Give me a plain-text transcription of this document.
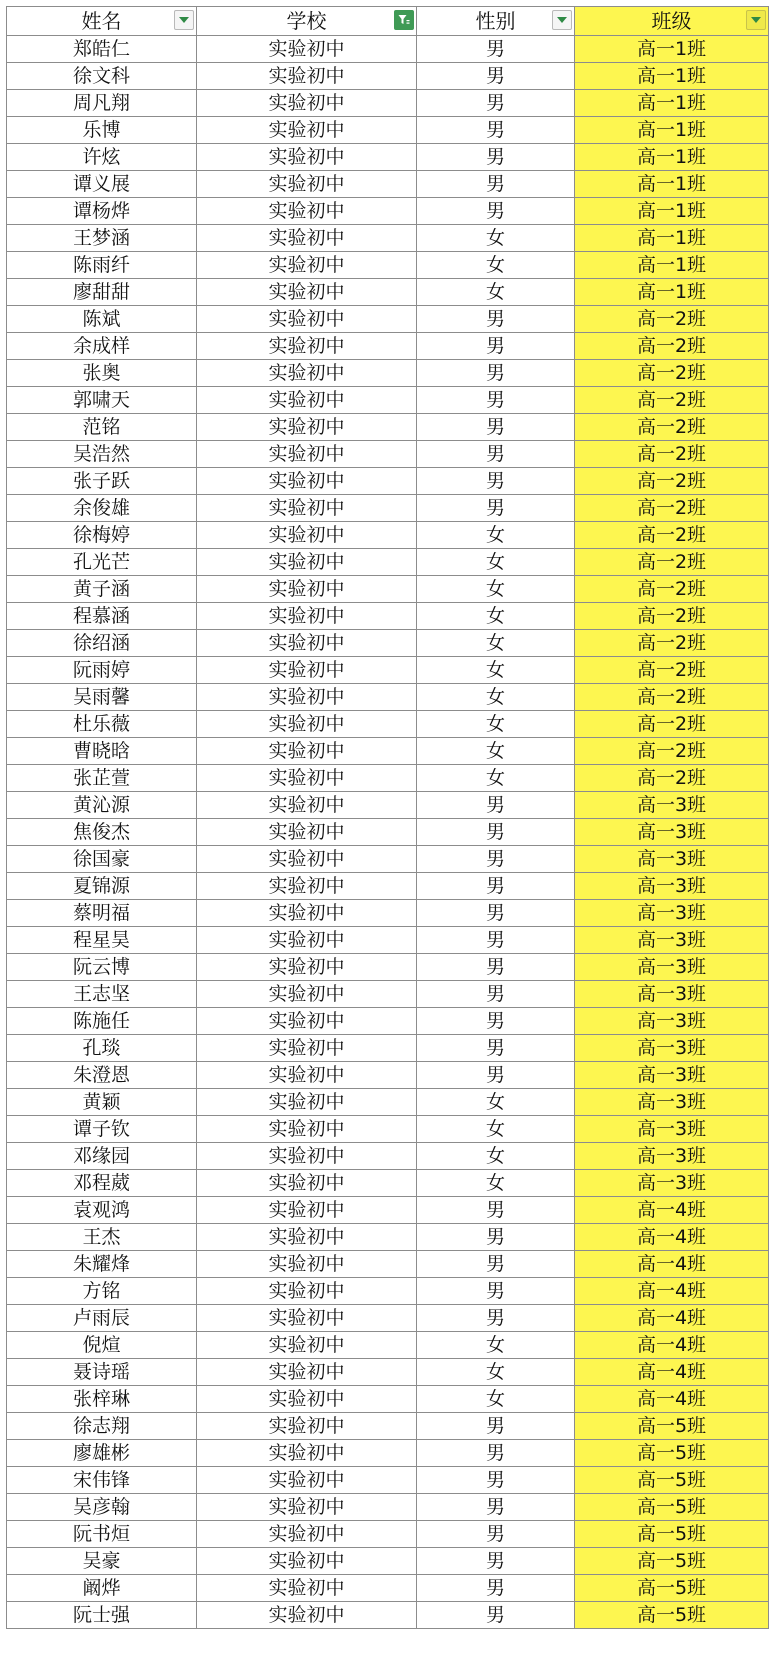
姓名	学校	性别	班级

郑皓仁	实验初中	男	高一1班
徐文科	实验初中	男	高一1班
周凡翔	实验初中	男	高一1班
乐博	实验初中	男	高一1班
许炫	实验初中	男	高一1班
谭义展	实验初中	男	高一1班
谭杨烨	实验初中	男	高一1班
王梦涵	实验初中	女	高一1班
陈雨纤	实验初中	女	高一1班
廖甜甜	实验初中	女	高一1班
陈斌	实验初中	男	高一2班
余成样	实验初中	男	高一2班
张奥	实验初中	男	高一2班
郭啸天	实验初中	男	高一2班
范铭	实验初中	男	高一2班
吴浩然	实验初中	男	高一2班
张子跃	实验初中	男	高一2班
余俊雄	实验初中	男	高一2班
徐梅婷	实验初中	女	高一2班
孔光芒	实验初中	女	高一2班
黄子涵	实验初中	女	高一2班
程慕涵	实验初中	女	高一2班
徐绍涵	实验初中	女	高一2班
阮雨婷	实验初中	女	高一2班
吴雨馨	实验初中	女	高一2班
杜乐薇	实验初中	女	高一2班
曹晓晗	实验初中	女	高一2班
张芷萱	实验初中	女	高一2班
黄沁源	实验初中	男	高一3班
焦俊杰	实验初中	男	高一3班
徐国豪	实验初中	男	高一3班
夏锦源	实验初中	男	高一3班
蔡明福	实验初中	男	高一3班
程星昊	实验初中	男	高一3班
阮云博	实验初中	男	高一3班
王志坚	实验初中	男	高一3班
陈施任	实验初中	男	高一3班
孔琰	实验初中	男	高一3班
朱澄恩	实验初中	男	高一3班
黄颖	实验初中	女	高一3班
谭子钦	实验初中	女	高一3班
邓缘园	实验初中	女	高一3班
邓程葳	实验初中	女	高一3班
袁观鸿	实验初中	男	高一4班
王杰	实验初中	男	高一4班
朱耀烽	实验初中	男	高一4班
方铭	实验初中	男	高一4班
卢雨辰	实验初中	男	高一4班
倪煊	实验初中	女	高一4班
聂诗瑶	实验初中	女	高一4班
张梓琳	实验初中	女	高一4班
徐志翔	实验初中	男	高一5班
廖雄彬	实验初中	男	高一5班
宋伟锋	实验初中	男	高一5班
吴彦翰	实验初中	男	高一5班
阮书烜	实验初中	男	高一5班
吴豪	实验初中	男	高一5班
阚烨	实验初中	男	高一5班
阮士强	实验初中	男	高一5班
